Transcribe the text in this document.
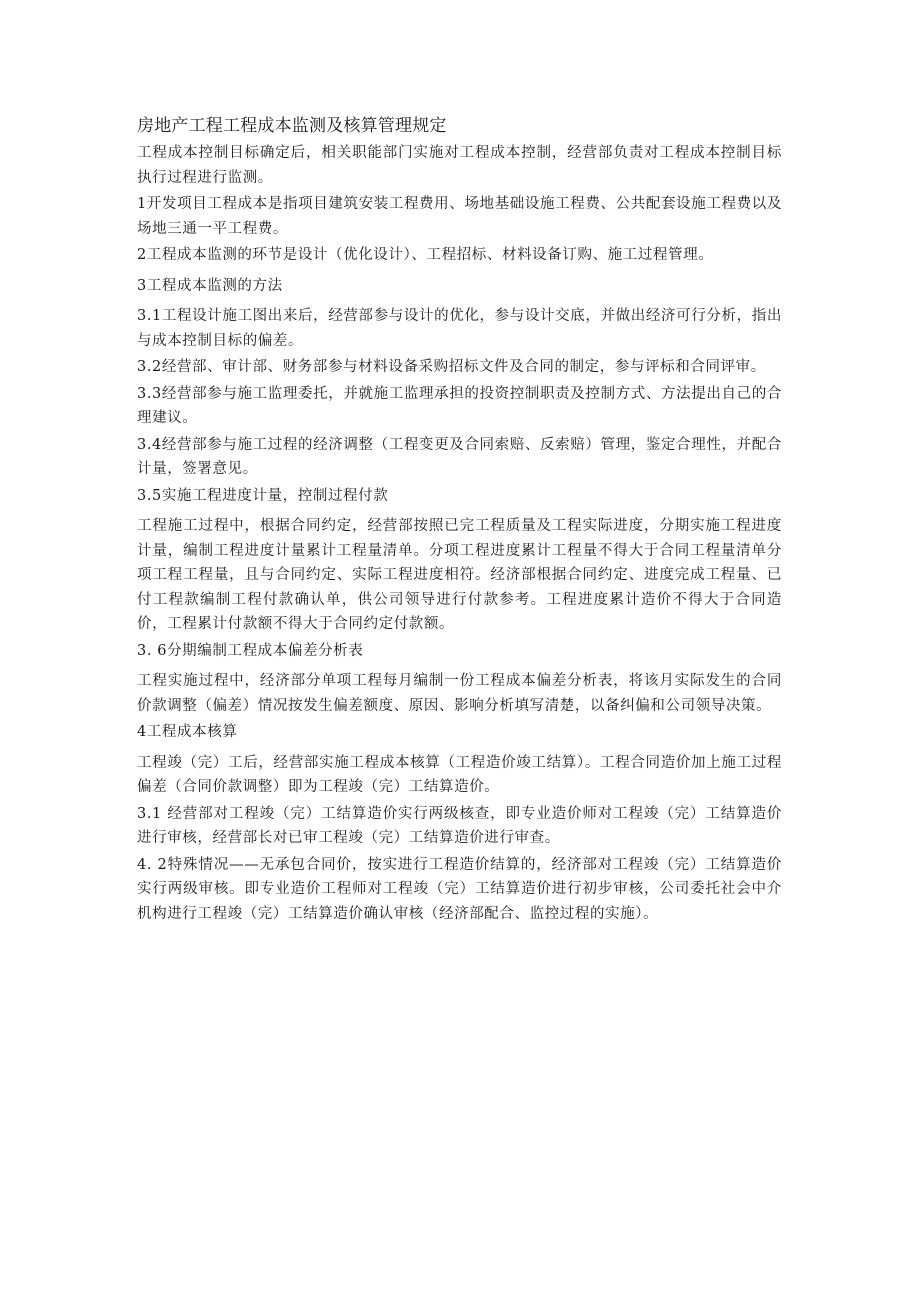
房地产工程工程成本监测及核算管理规定

工程成本控制目标确定后，相关职能部门实施对工程成本控制，经营部负责对工程成本控制目标执行过程进行监测。

1开发项目工程成本是指项目建筑安装工程费用、场地基础设施工程费、公共配套设施工程费以及场地三通一平工程费。

2工程成本监测的环节是设计（优化设计）、工程招标、材料设备订购、施工过程管理。

3工程成本监测的方法

3.1工程设计施工图出来后，经营部参与设计的优化，参与设计交底，并做出经济可行分析，指出与成本控制目标的偏差。

3.2经营部、审计部、财务部参与材料设备采购招标文件及合同的制定，参与评标和合同评审。

3.3经营部参与施工监理委托，并就施工监理承担的投资控制职责及控制方式、方法提出自己的合理建议。

3.4经营部参与施工过程的经济调整（工程变更及合同索赔、反索赔）管理，鉴定合理性，并配合计量，签署意见。

3.5实施工程进度计量，控制过程付款

工程施工过程中，根据合同约定，经营部按照已完工程质量及工程实际进度，分期实施工程进度计量，编制工程进度计量累计工程量清单。分项工程进度累计工程量不得大于合同工程量清单分项工程工程量，且与合同约定、实际工程进度相符。经济部根据合同约定、进度完成工程量、已付工程款编制工程付款确认单，供公司领导进行付款参考。工程进度累计造价不得大于合同造价，工程累计付款额不得大于合同约定付款额。

3. 6分期编制工程成本偏差分析表

工程实施过程中，经济部分单项工程每月编制一份工程成本偏差分析表，将该月实际发生的合同价款调整（偏差）情况按发生偏差额度、原因、影响分析填写清楚，以备纠偏和公司领导决策。

4工程成本核算

工程竣（完）工后，经营部实施工程成本核算（工程造价竣工结算）。工程合同造价加上施工过程偏差（合同价款调整）即为工程竣（完）工结算造价。

3.1 经营部对工程竣（完）工结算造价实行两级核查，即专业造价师对工程竣（完）工结算造价进行审核，经营部长对已审工程竣（完）工结算造价进行审查。

4. 2特殊情况——无承包合同价，按实进行工程造价结算的，经济部对工程竣（完）工结算造价实行两级审核。即专业造价工程师对工程竣（完）工结算造价进行初步审核，公司委托社会中介机构进行工程竣（完）工结算造价确认审核（经济部配合、监控过程的实施）。
